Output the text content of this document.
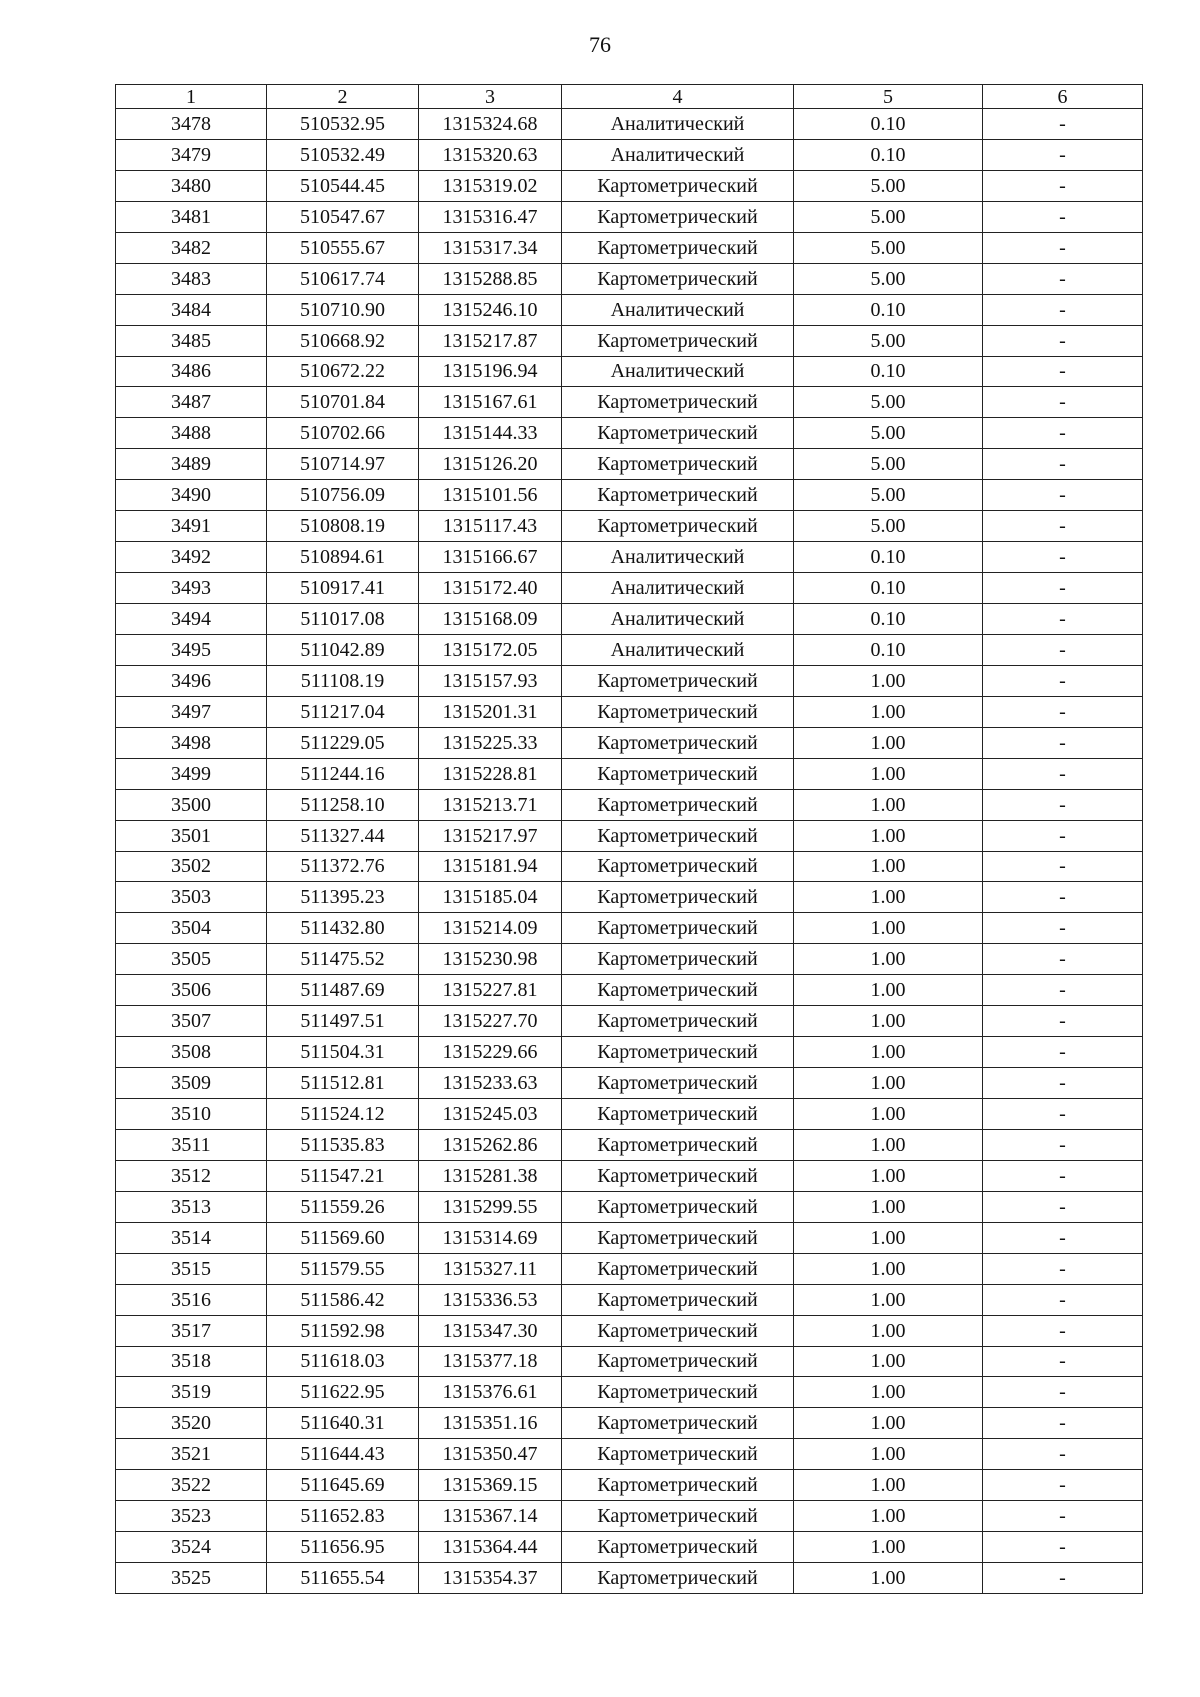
76
1	2	3	4	5	6
3478	510532.95	1315324.68	Аналитический	0.10	-
3479	510532.49	1315320.63	Аналитический	0.10	-
3480	510544.45	1315319.02	Картометрический	5.00	-
3481	510547.67	1315316.47	Картометрический	5.00	-
3482	510555.67	1315317.34	Картометрический	5.00	-
3483	510617.74	1315288.85	Картометрический	5.00	-
3484	510710.90	1315246.10	Аналитический	0.10	-
3485	510668.92	1315217.87	Картометрический	5.00	-
3486	510672.22	1315196.94	Аналитический	0.10	-
3487	510701.84	1315167.61	Картометрический	5.00	-
3488	510702.66	1315144.33	Картометрический	5.00	-
3489	510714.97	1315126.20	Картометрический	5.00	-
3490	510756.09	1315101.56	Картометрический	5.00	-
3491	510808.19	1315117.43	Картометрический	5.00	-
3492	510894.61	1315166.67	Аналитический	0.10	-
3493	510917.41	1315172.40	Аналитический	0.10	-
3494	511017.08	1315168.09	Аналитический	0.10	-
3495	511042.89	1315172.05	Аналитический	0.10	-
3496	511108.19	1315157.93	Картометрический	1.00	-
3497	511217.04	1315201.31	Картометрический	1.00	-
3498	511229.05	1315225.33	Картометрический	1.00	-
3499	511244.16	1315228.81	Картометрический	1.00	-
3500	511258.10	1315213.71	Картометрический	1.00	-
3501	511327.44	1315217.97	Картометрический	1.00	-
3502	511372.76	1315181.94	Картометрический	1.00	-
3503	511395.23	1315185.04	Картометрический	1.00	-
3504	511432.80	1315214.09	Картометрический	1.00	-
3505	511475.52	1315230.98	Картометрический	1.00	-
3506	511487.69	1315227.81	Картометрический	1.00	-
3507	511497.51	1315227.70	Картометрический	1.00	-
3508	511504.31	1315229.66	Картометрический	1.00	-
3509	511512.81	1315233.63	Картометрический	1.00	-
3510	511524.12	1315245.03	Картометрический	1.00	-
3511	511535.83	1315262.86	Картометрический	1.00	-
3512	511547.21	1315281.38	Картометрический	1.00	-
3513	511559.26	1315299.55	Картометрический	1.00	-
3514	511569.60	1315314.69	Картометрический	1.00	-
3515	511579.55	1315327.11	Картометрический	1.00	-
3516	511586.42	1315336.53	Картометрический	1.00	-
3517	511592.98	1315347.30	Картометрический	1.00	-
3518	511618.03	1315377.18	Картометрический	1.00	-
3519	511622.95	1315376.61	Картометрический	1.00	-
3520	511640.31	1315351.16	Картометрический	1.00	-
3521	511644.43	1315350.47	Картометрический	1.00	-
3522	511645.69	1315369.15	Картометрический	1.00	-
3523	511652.83	1315367.14	Картометрический	1.00	-
3524	511656.95	1315364.44	Картометрический	1.00	-
3525	511655.54	1315354.37	Картометрический	1.00	-
